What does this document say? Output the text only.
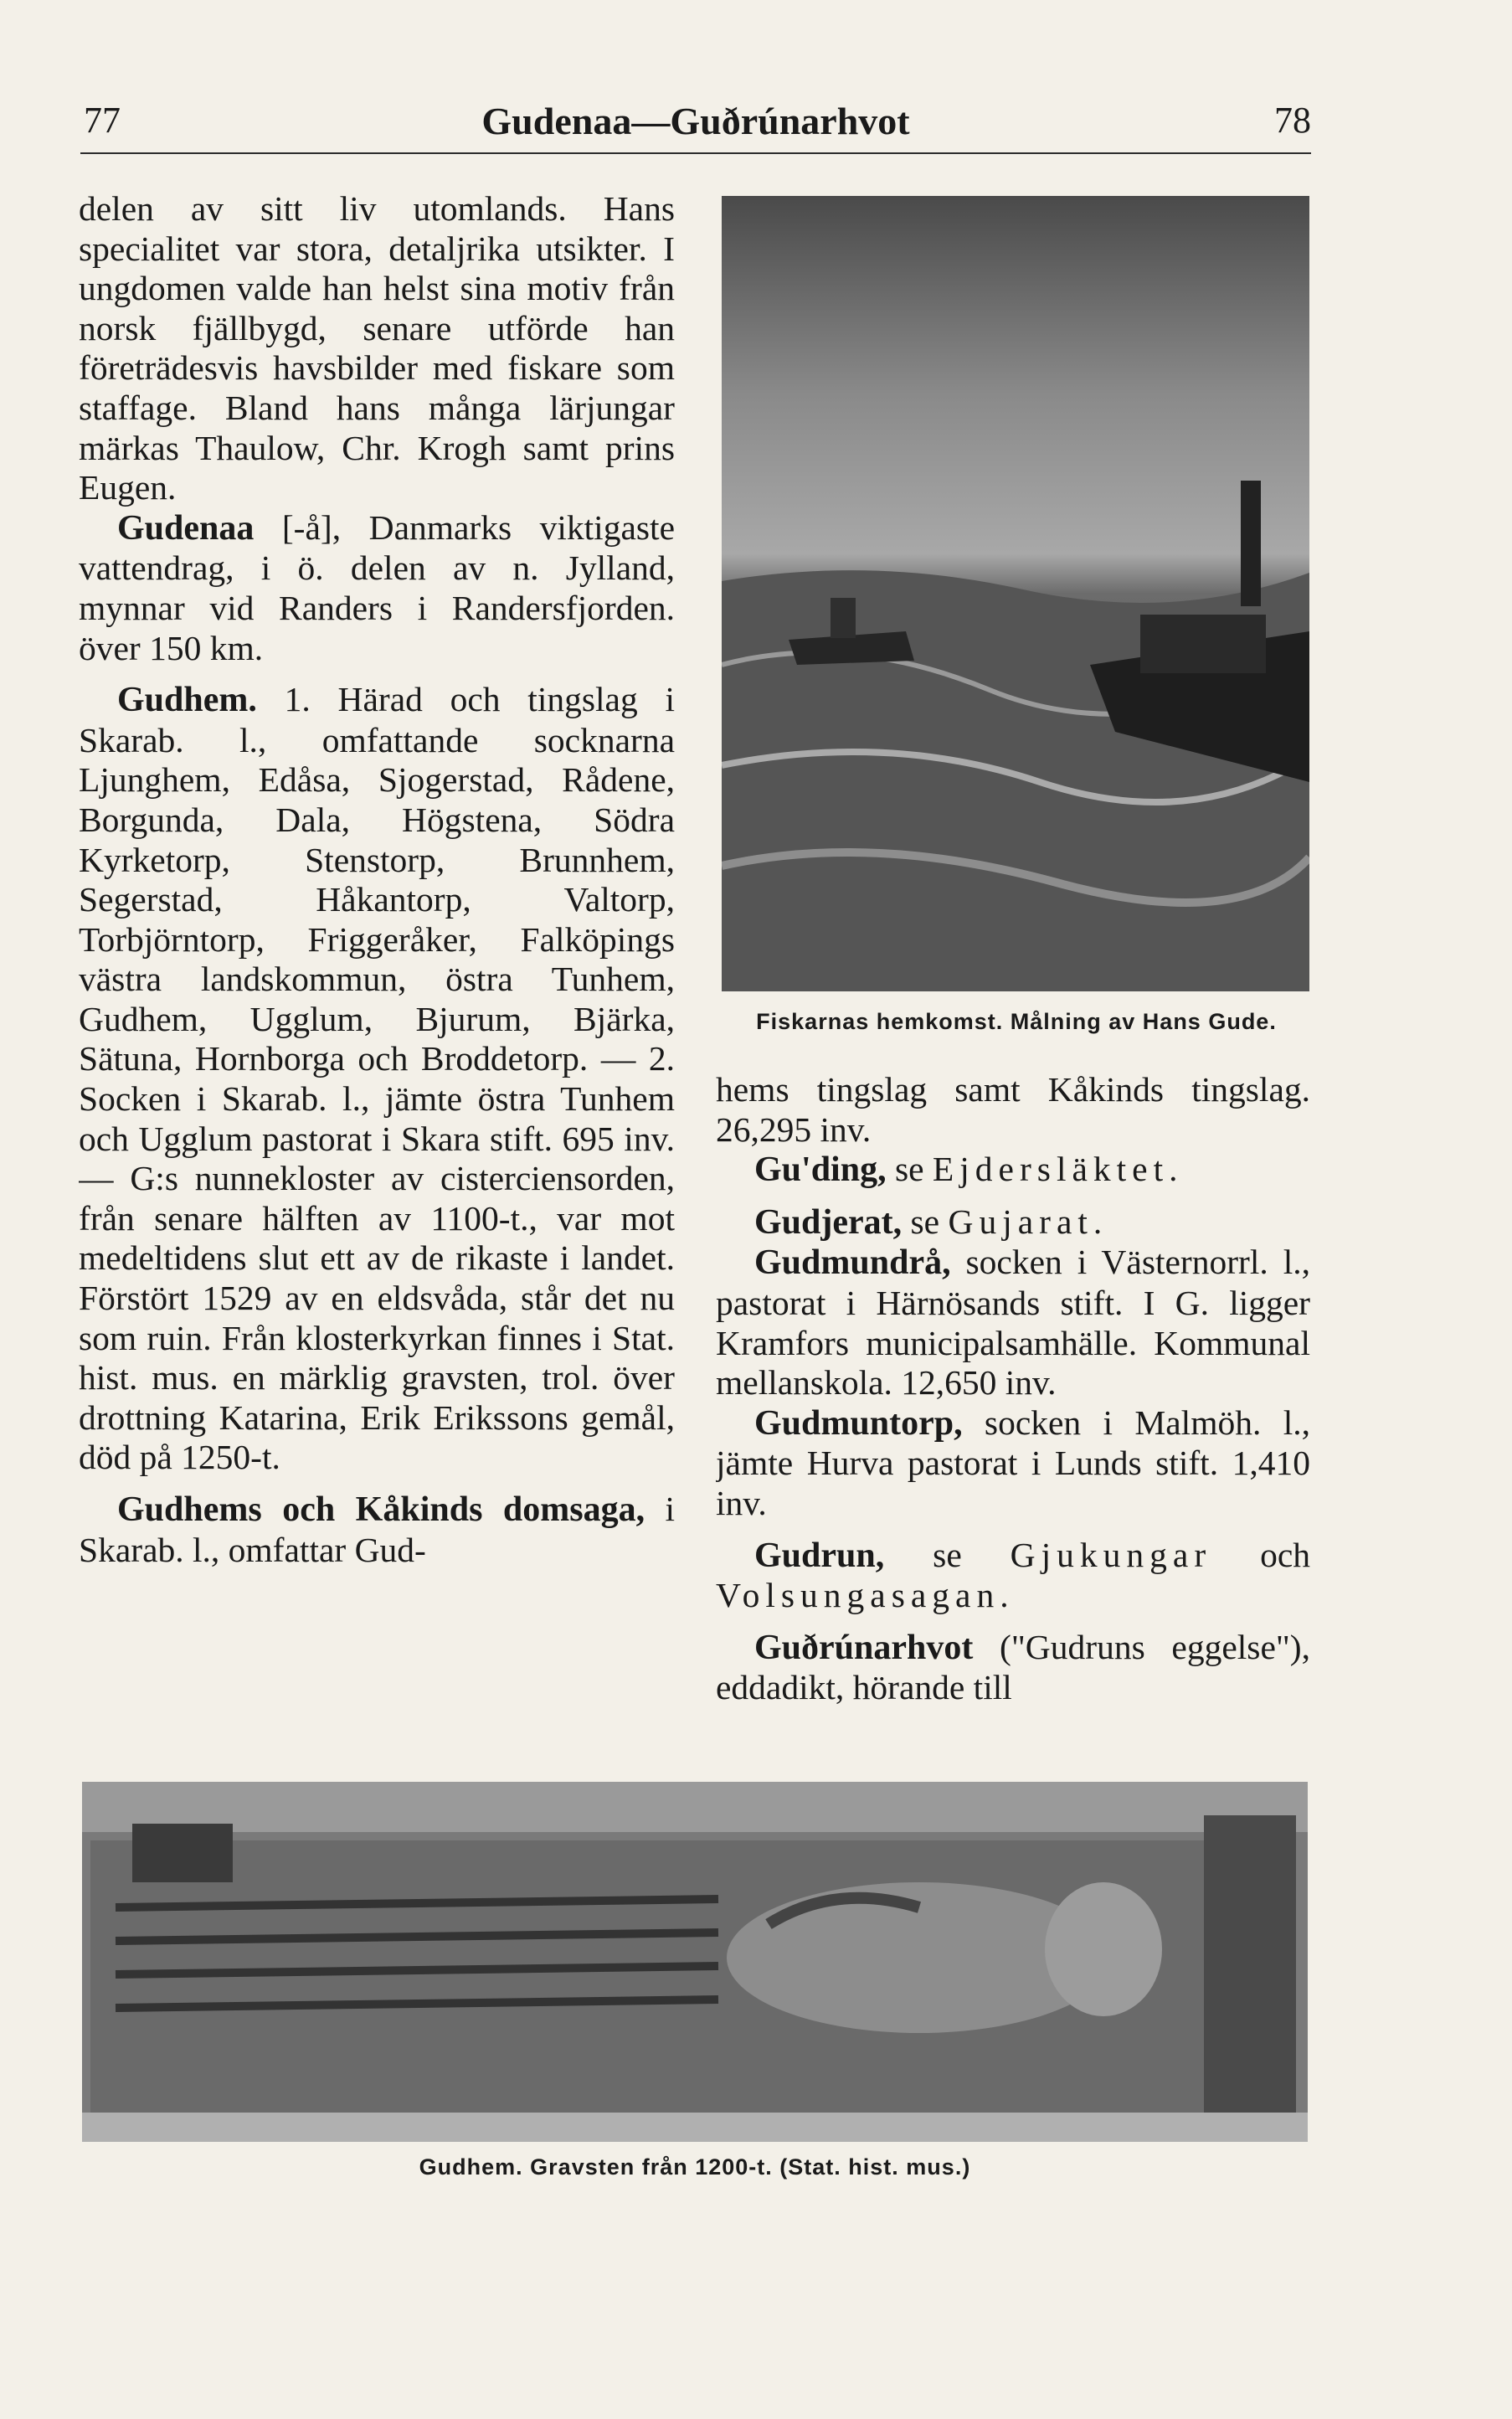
77	Gudenaa—Guðrúnarhvot	78

delen av sitt liv utomlands. Hans specialitet var stora, detaljrika utsikter. I ungdomen valde han helst sina motiv från norsk fjällbygd, senare utförde han företrädesvis havsbilder med fiskare som staffage. Bland hans många lärjungar märkas Thaulow, Chr. Krogh samt prins Eugen.

Gudenaa [-å], Danmarks viktigaste vattendrag, i ö. delen av n. Jylland, mynnar vid Randers i Randersfjorden. över 150 km.

Gudhem. 1. Härad och tingslag i Skarab. l., omfattande socknarna Ljunghem, Edåsa, Sjogerstad, Rådene, Borgunda, Dala, Högstena, Södra Kyrketorp, Stenstorp, Brunnhem, Segerstad, Håkantorp, Valtorp, Torbjörntorp, Friggeråker, Falköpings västra landskommun, östra Tunhem, Gudhem, Ugglum, Bjurum, Bjärka, Sätuna, Hornborga och Broddetorp. — 2. Socken i Skarab. l., jämte östra Tunhem och Ugglum pastorat i Skara stift. 695 inv. — G:s nunnekloster av cisterciensorden, från senare hälften av 1100-t., var mot medeltidens slut ett av de rikaste i landet. Förstört 1529 av en eldsvåda, står det nu som ruin. Från klosterkyrkan finnes i Stat. hist. mus. en märklig gravsten, trol. över drottning Katarina, Erik Erikssons gemål, död på 1250-t.

Gudhems och Kåkinds domsaga, i Skarab. l., omfattar Gud-

Fiskarnas hemkomst. Målning av Hans Gude.

hems tingslag samt Kåkinds tingslag. 26,295 inv.

Gu'ding, se Ejdersläktet.

Gudjerat, se Gujarat.

Gudmundrå, socken i Västernorrl. l., pastorat i Härnösands stift. I G. ligger Kramfors municipalsamhälle. Kommunal mellanskola. 12,650 inv.

Gudmuntorp, socken i Malmöh. l., jämte Hurva pastorat i Lunds stift. 1,410 inv.

Gudrun, se Gjukungar och Volsungasagan.

Guðrúnarhvot ("Gudruns eggelse"), eddadikt, hörande till

Gudhem. Gravsten från 1200-t. (Stat. hist. mus.)
